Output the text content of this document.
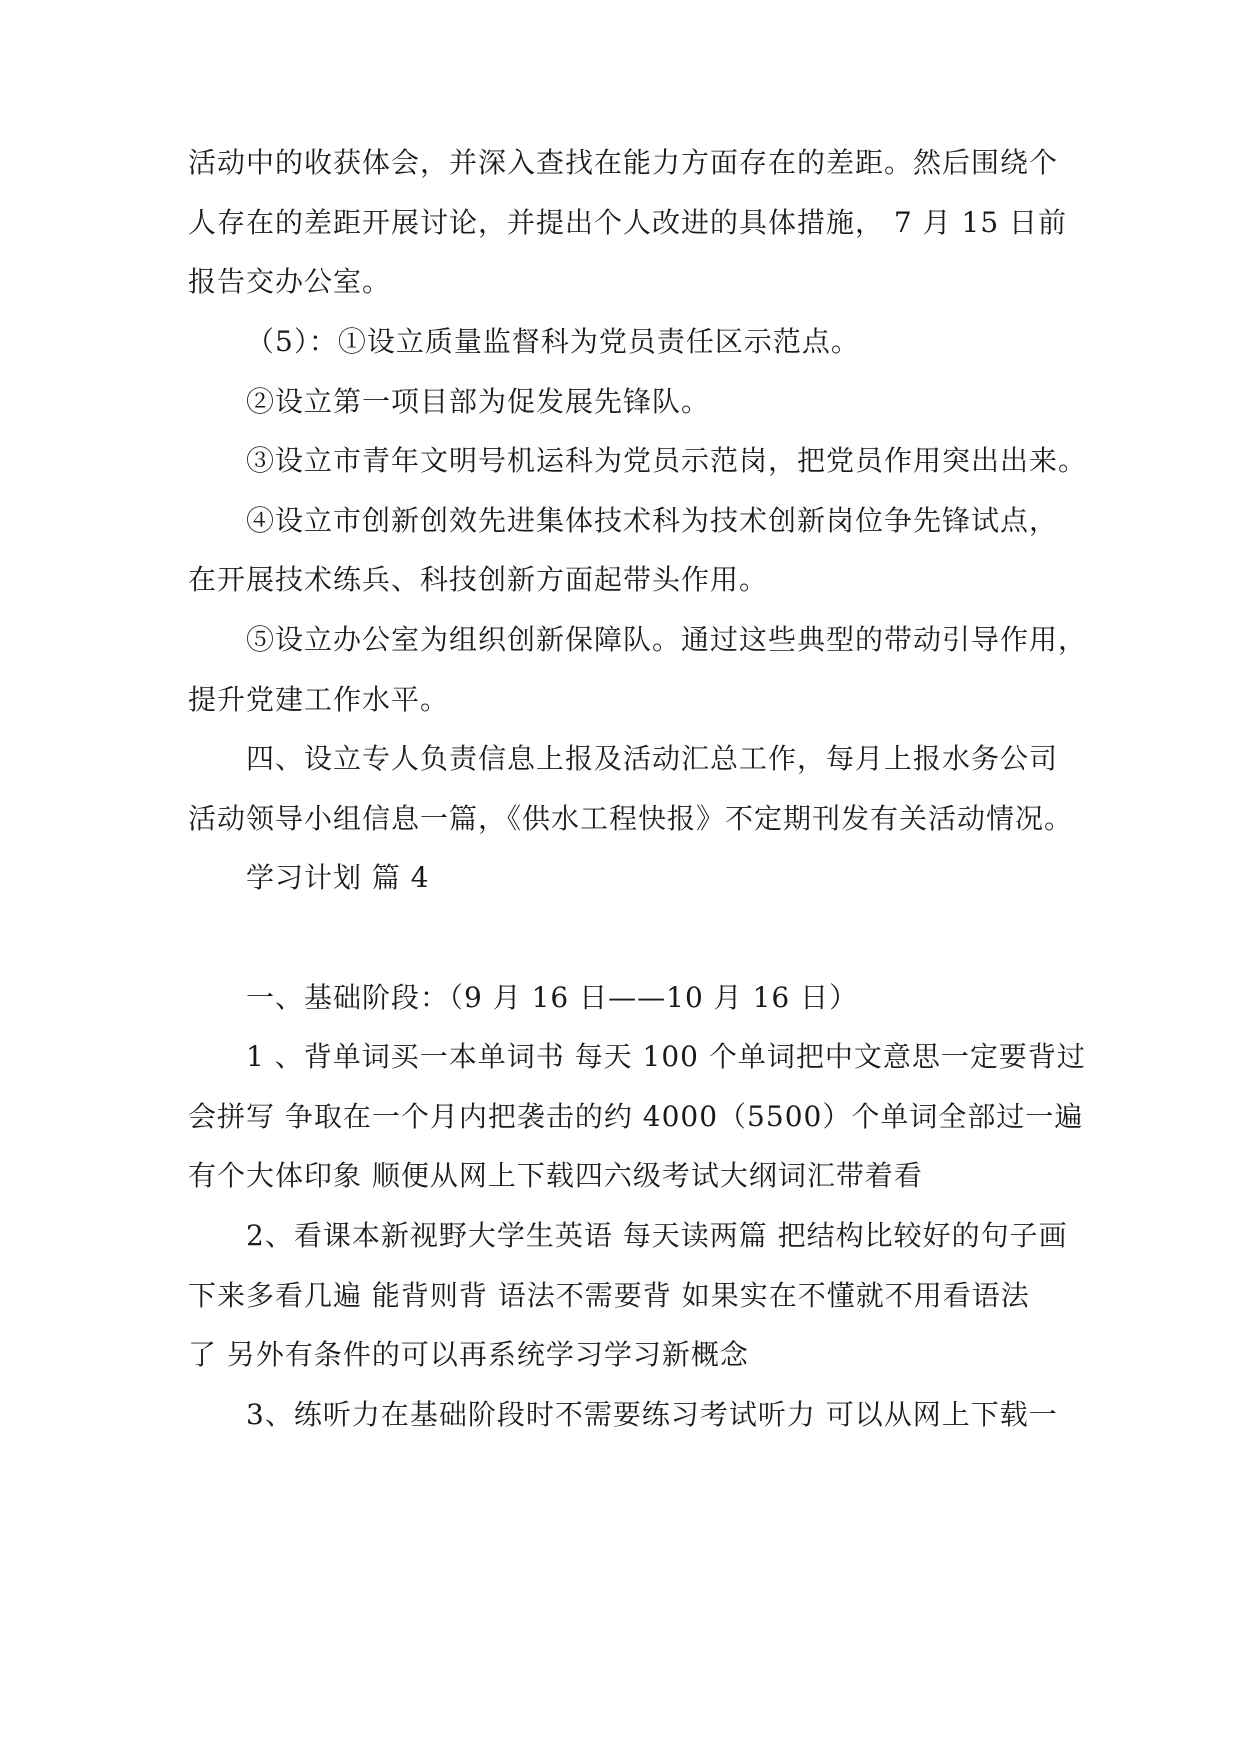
活动中的收获体会，并深入查找在能力方面存在的差距。然后围绕个
人存在的差距开展讨论，并提出个人改进的具体措施， 7 月 15 日前
报告交办公室。
（5）：①设立质量监督科为党员责任区示范点。
②设立第一项目部为促发展先锋队。
③设立市青年文明号机运科为党员示范岗，把党员作用突出出来。
④设立市创新创效先进集体技术科为技术创新岗位争先锋试点，
在开展技术练兵、科技创新方面起带头作用。
⑤设立办公室为组织创新保障队。通过这些典型的带动引导作用，
提升党建工作水平。
四、设立专人负责信息上报及活动汇总工作，每月上报水务公司
活动领导小组信息一篇，《供水工程快报》不定期刊发有关活动情况。
学习计划 篇 4
一、基础阶段：（9 月 16 日——10 月 16 日）
1 、背单词买一本单词书 每天 100 个单词把中文意思一定要背过
会拼写 争取在一个月内把袭击的约 4000（5500）个单词全部过一遍
有个大体印象 顺便从网上下载四六级考试大纲词汇带着看
2、看课本新视野大学生英语 每天读两篇 把结构比较好的句子画
下来多看几遍 能背则背 语法不需要背 如果实在不懂就不用看语法
了 另外有条件的可以再系统学习学习新概念
3、练听力在基础阶段时不需要练习考试听力 可以从网上下载一
